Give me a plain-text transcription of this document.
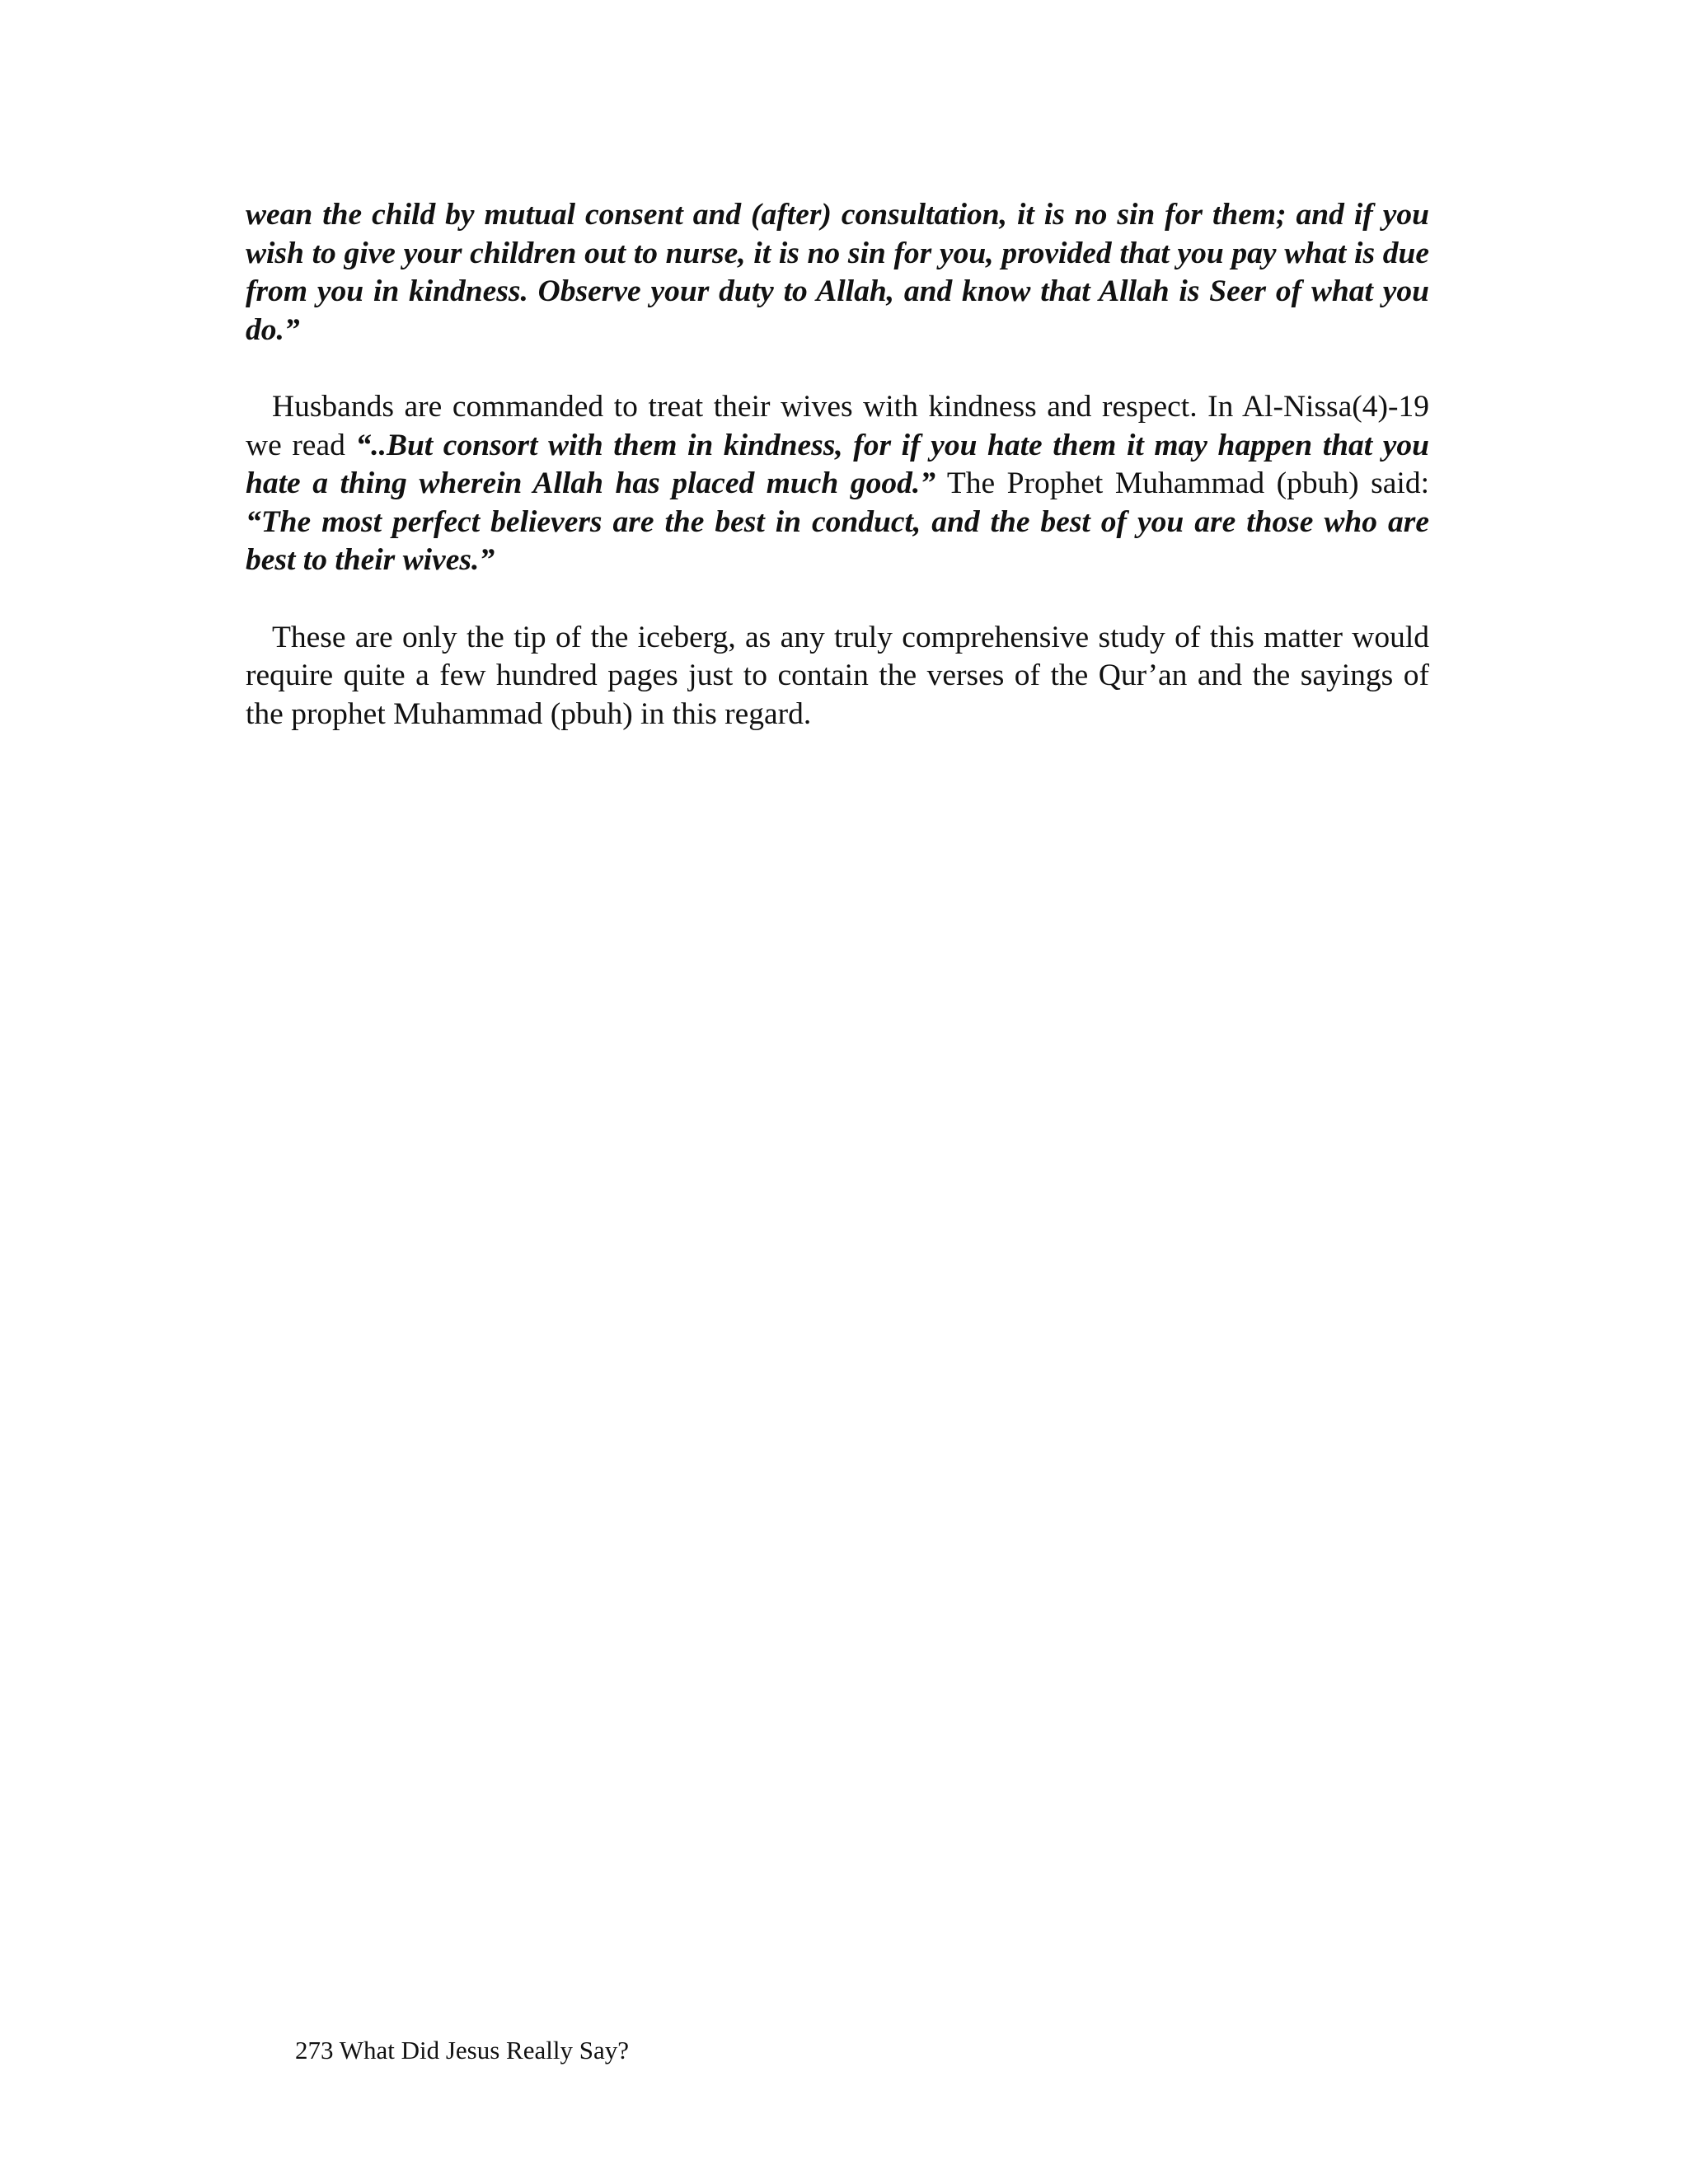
wean the child by mutual consent and (after) consultation, it is no sin for them; and if you wish to give your children out to nurse, it is no sin for you, provided that you pay what is due from you in kindness. Observe your duty to Allah, and know that Allah is Seer of what you do.”

Husbands are commanded to treat their wives with kindness and respect. In Al-Nissa(4)-19 we read “..But consort with them in kindness, for if you hate them it may happen that you hate a thing wherein Allah has placed much good.” The Prophet Muhammad (pbuh) said: “The most perfect believers are the best in conduct, and the best of you are those who are best to their wives.”

These are only the tip of the iceberg, as any truly comprehensive study of this matter would require quite a few hundred pages just to contain the verses of the Qur’an and the sayings of the prophet Muhammad (pbuh) in this regard.

273 What Did Jesus Really Say?
